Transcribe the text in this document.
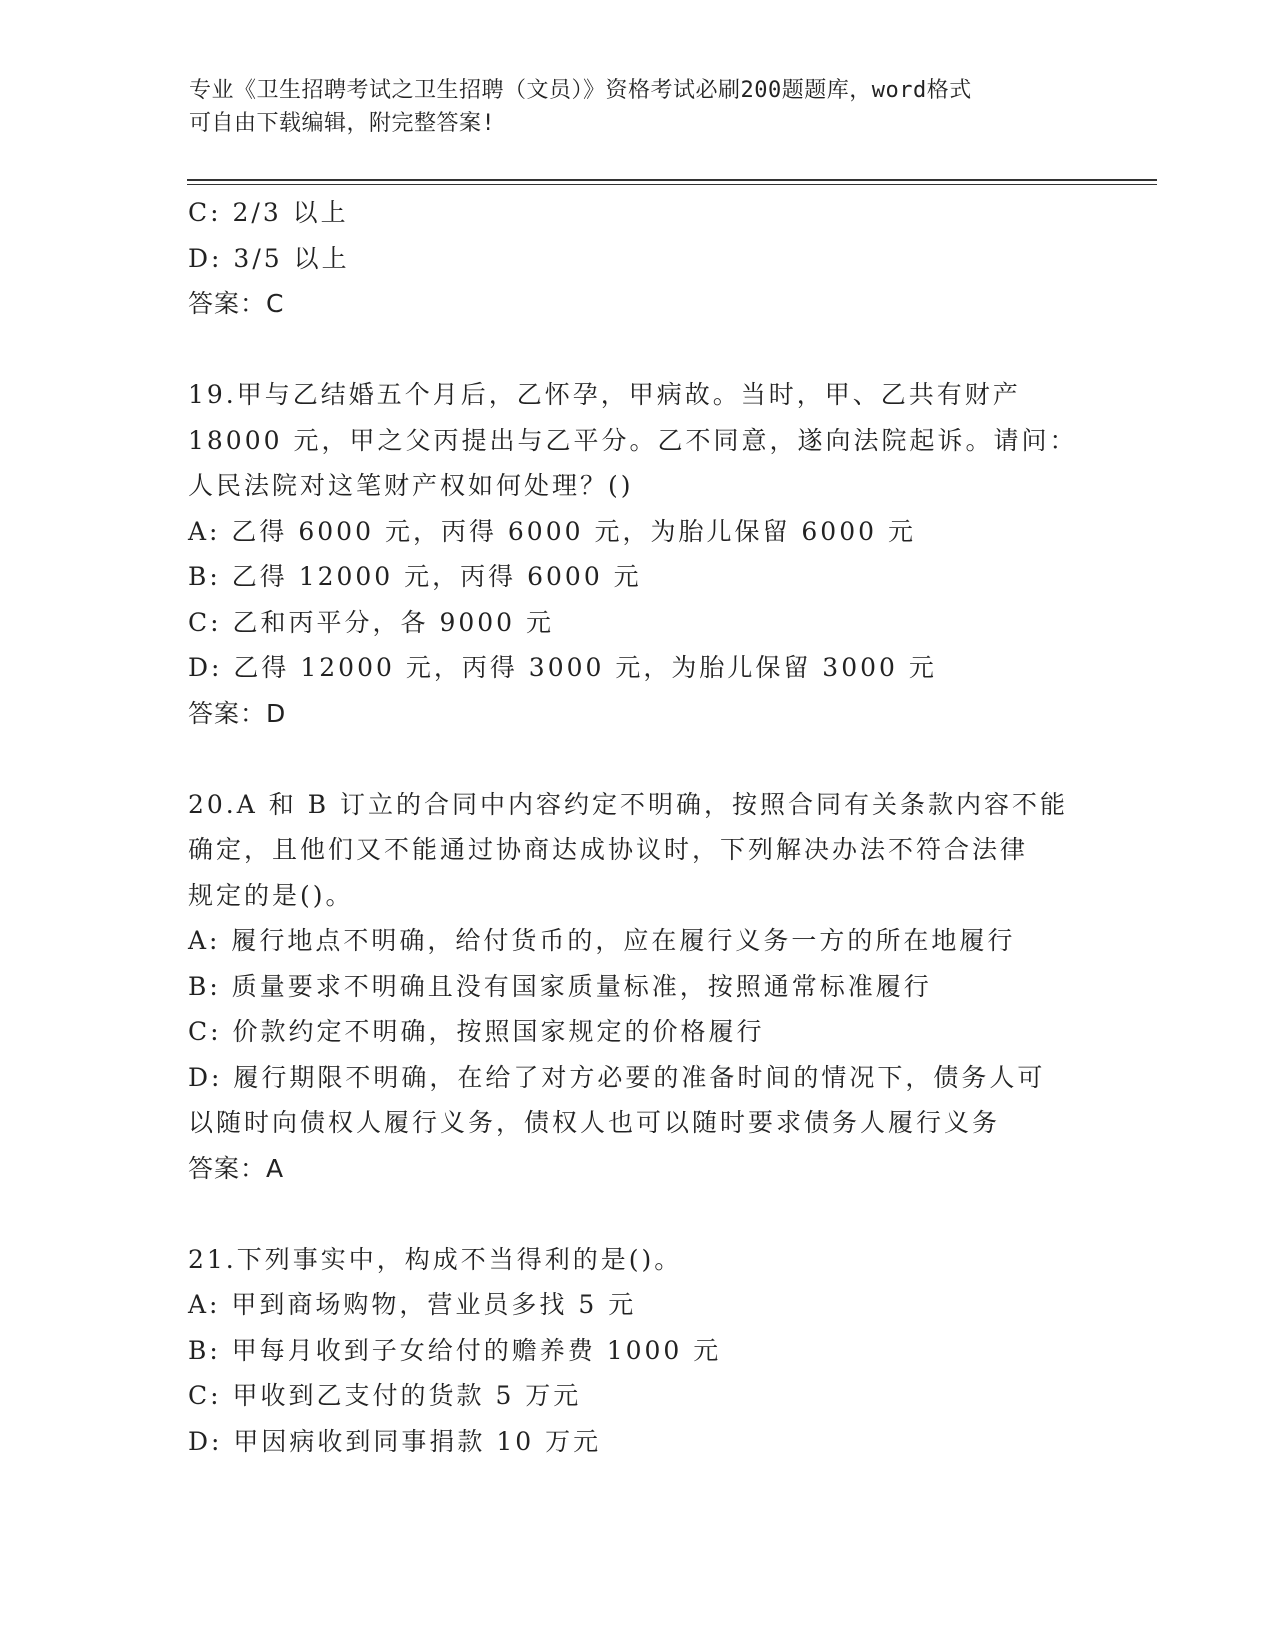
专业《卫生招聘考试之卫生招聘（文员）》资格考试必刷200题题库，word格式
可自由下载编辑，附完整答案!
C: 2/3 以上
D: 3/5 以上
答案：C
19.甲与乙结婚五个月后，乙怀孕，甲病故。当时，甲、乙共有财产
18000 元，甲之父丙提出与乙平分。乙不同意，遂向法院起诉。请问：
人民法院对这笔财产权如何处理？()
A: 乙得 6000 元，丙得 6000 元，为胎儿保留 6000 元
B: 乙得 12000 元，丙得 6000 元
C: 乙和丙平分，各 9000 元
D: 乙得 12000 元，丙得 3000 元，为胎儿保留 3000 元
答案：D
20.A 和 B 订立的合同中内容约定不明确，按照合同有关条款内容不能
确定，且他们又不能通过协商达成协议时，下列解决办法不符合法律
规定的是()。
A: 履行地点不明确，给付货币的，应在履行义务一方的所在地履行
B: 质量要求不明确且没有国家质量标准，按照通常标准履行
C: 价款约定不明确，按照国家规定的价格履行
D: 履行期限不明确，在给了对方必要的准备时间的情况下，债务人可
以随时向债权人履行义务，债权人也可以随时要求债务人履行义务
答案：A
21.下列事实中，构成不当得利的是()。
A: 甲到商场购物，营业员多找 5 元
B: 甲每月收到子女给付的赡养费 1000 元
C: 甲收到乙支付的货款 5 万元
D: 甲因病收到同事捐款 10 万元
